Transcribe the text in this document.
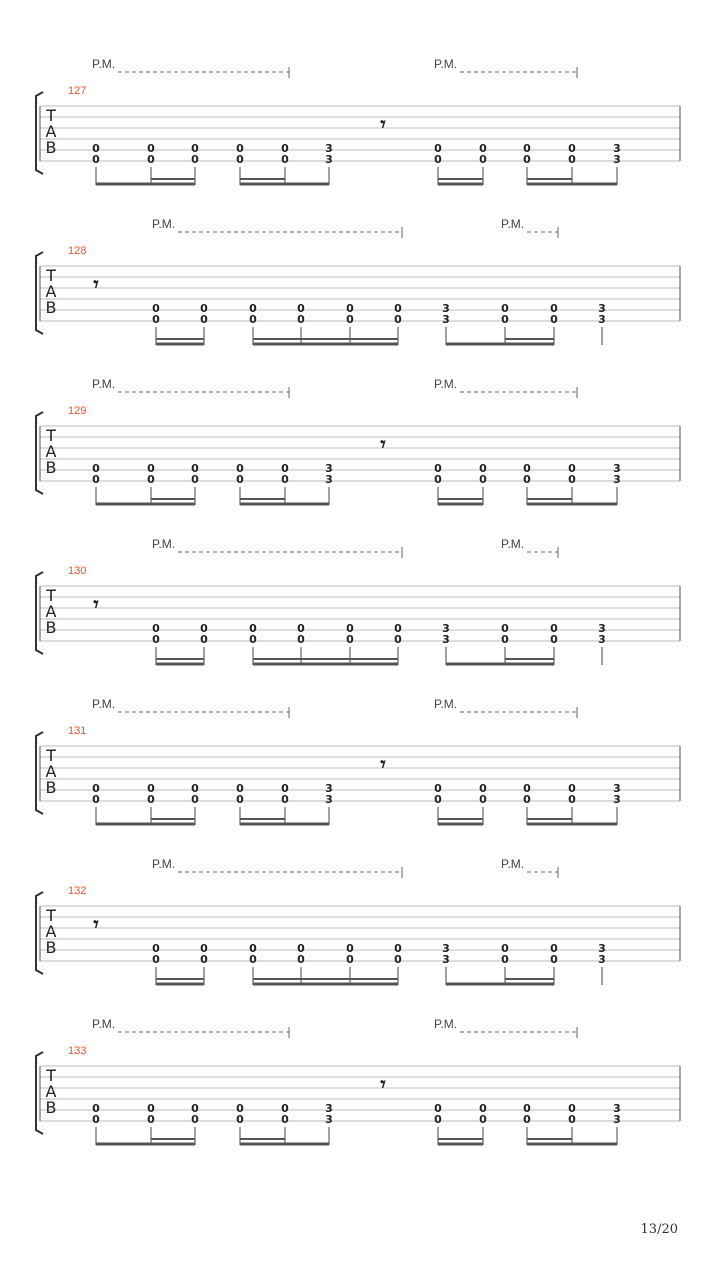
P.M.	P.M.
127
T
A
B
𝄾
0
0
0
0
0
0
0
0
0
0
3
3
0
0
0
0
0
0
0
0
3
3
P.M.	P.M.
128
T
A
B
𝄾
0
0
0
0
0
0
0
0
0
0
0
0
3
3
0
0
0
0
3
3
P.M.	P.M.
129
T
A
B
𝄾
0
0
0
0
0
0
0
0
0
0
3
3
0
0
0
0
0
0
0
0
3
3
P.M.	P.M.
130
T
A
B
𝄾
0
0
0
0
0
0
0
0
0
0
0
0
3
3
0
0
0
0
3
3
P.M.	P.M.
131
T
A
B
𝄾
0
0
0
0
0
0
0
0
0
0
3
3
0
0
0
0
0
0
0
0
3
3
P.M.	P.M.
132
T
A
B
𝄾
0
0
0
0
0
0
0
0
0
0
0
0
3
3
0
0
0
0
3
3
P.M.	P.M.
133
T
A
B
𝄾
0
0
0
0
0
0
0
0
0
0
3
3
0
0
0
0
0
0
0
0
3
3
13/20
